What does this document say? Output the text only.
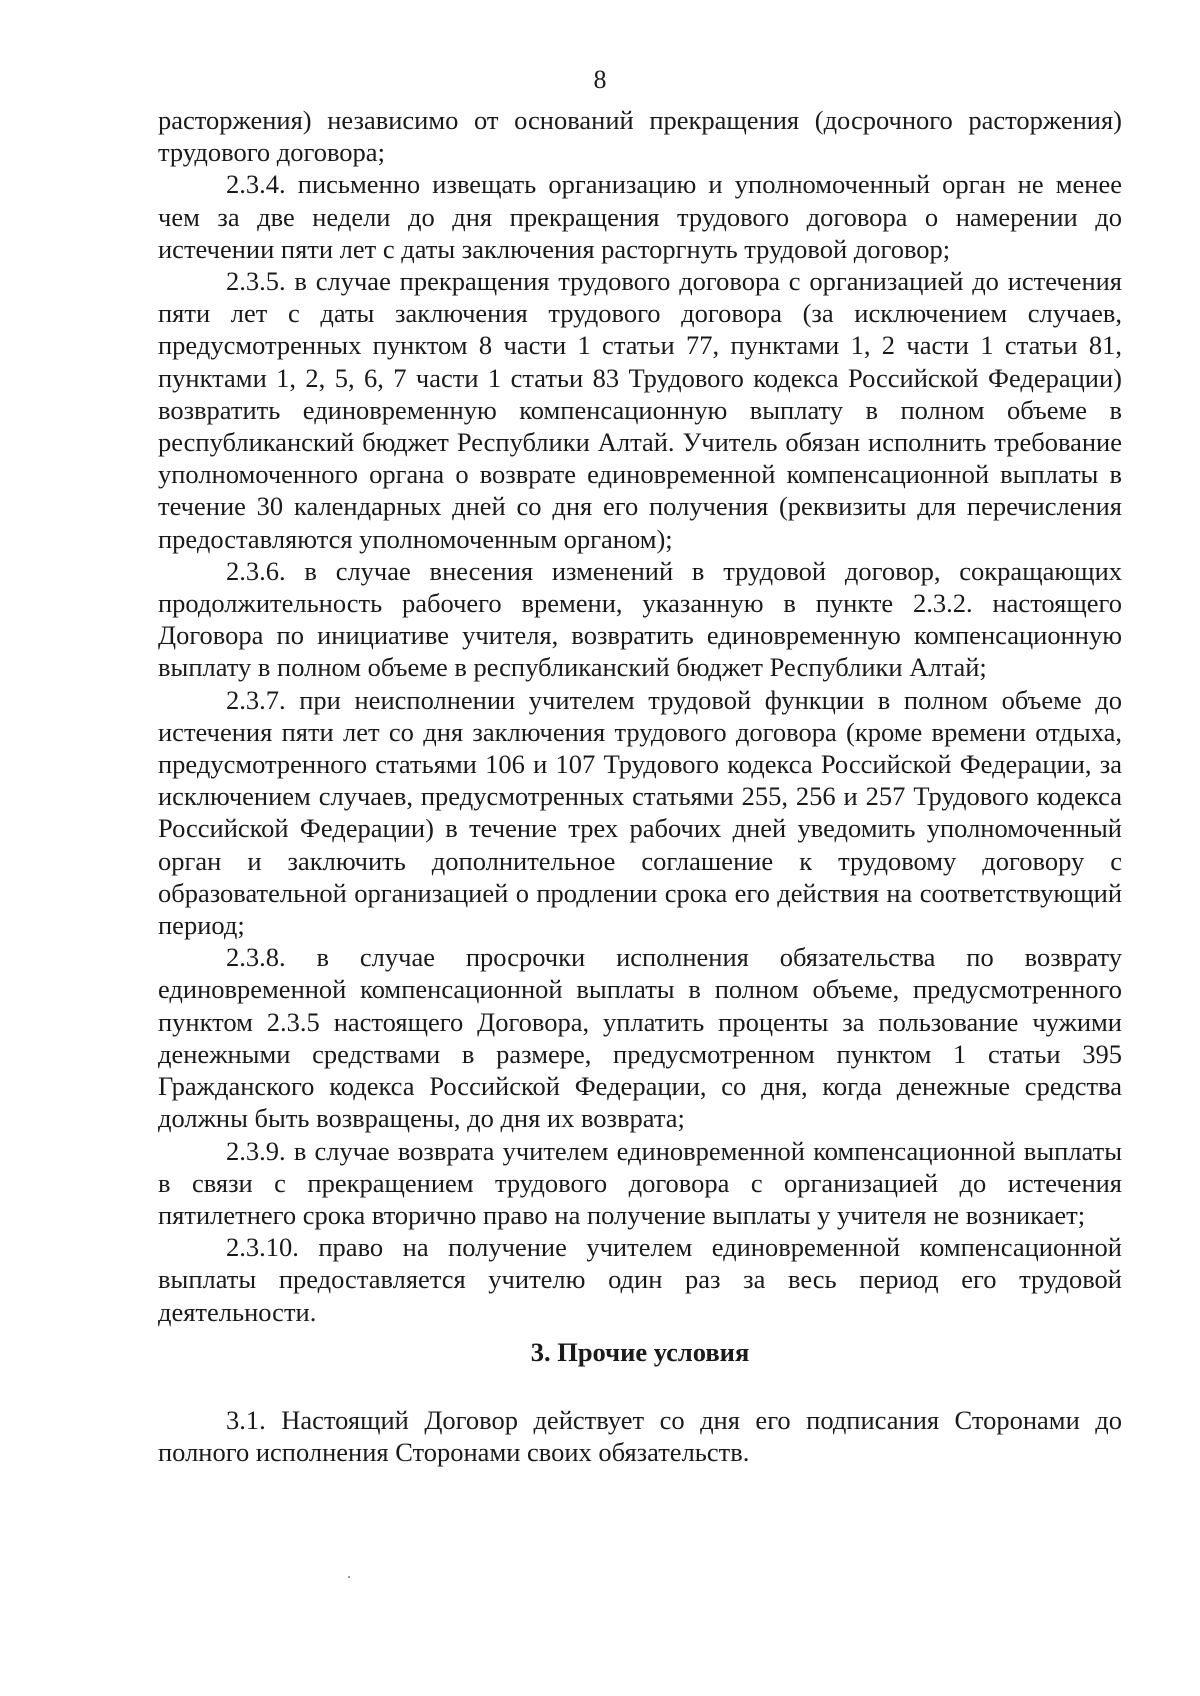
8

расторжения) независимо от оснований прекращения (досрочного расторжения) трудового договора;

2.3.4. письменно извещать организацию и уполномоченный орган не менее чем за две недели до дня прекращения трудового договора о намерении до истечении пяти лет с даты заключения расторгнуть трудовой договор;

2.3.5. в случае прекращения трудового договора с организацией до истечения пяти лет с даты заключения трудового договора (за исключением случаев, предусмотренных пунктом 8 части 1 статьи 77, пунктами 1, 2 части 1 статьи 81, пунктами 1, 2, 5, 6, 7 части 1 статьи 83 Трудового кодекса Российской Федерации) возвратить единовременную компенсационную выплату в полном объеме в республиканский бюджет Республики Алтай. Учитель обязан исполнить требование уполномоченного органа о возврате единовременной компенсационной выплаты в течение 30 календарных дней со дня его получения (реквизиты для перечисления предоставляются уполномоченным органом);

2.3.6. в случае внесения изменений в трудовой договор, сокращающих продолжительность рабочего времени, указанную в пункте 2.3.2. настоящего Договора по инициативе учителя, возвратить единовременную компенсационную выплату в полном объеме в республиканский бюджет Республики Алтай;

2.3.7. при неисполнении учителем трудовой функции в полном объеме до истечения пяти лет со дня заключения трудового договора (кроме времени отдыха, предусмотренного статьями 106 и 107 Трудового кодекса Российской Федерации, за исключением случаев, предусмотренных статьями 255, 256 и 257 Трудового кодекса Российской Федерации) в течение трех рабочих дней уведомить уполномоченный орган и заключить дополнительное соглашение к трудовому договору с образовательной организацией о продлении срока его действия на соответствующий период;

2.3.8. в случае просрочки исполнения обязательства по возврату единовременной компенсационной выплаты в полном объеме, предусмотренного пунктом 2.3.5 настоящего Договора, уплатить проценты за пользование чужими денежными средствами в размере, предусмотренном пунктом 1 статьи 395 Гражданского кодекса Российской Федерации, со дня, когда денежные средства должны быть возвращены, до дня их возврата;

2.3.9. в случае возврата учителем единовременной компенсационной выплаты в связи с прекращением трудового договора с организацией до истечения пятилетнего срока вторично право на получение выплаты у учителя не возникает;

2.3.10. право на получение учителем единовременной компенсационной выплаты предоставляется учителю один раз за весь период его трудовой деятельности.

3. Прочие условия

3.1. Настоящий Договор действует со дня его подписания Сторонами до полного исполнения Сторонами своих обязательств.
